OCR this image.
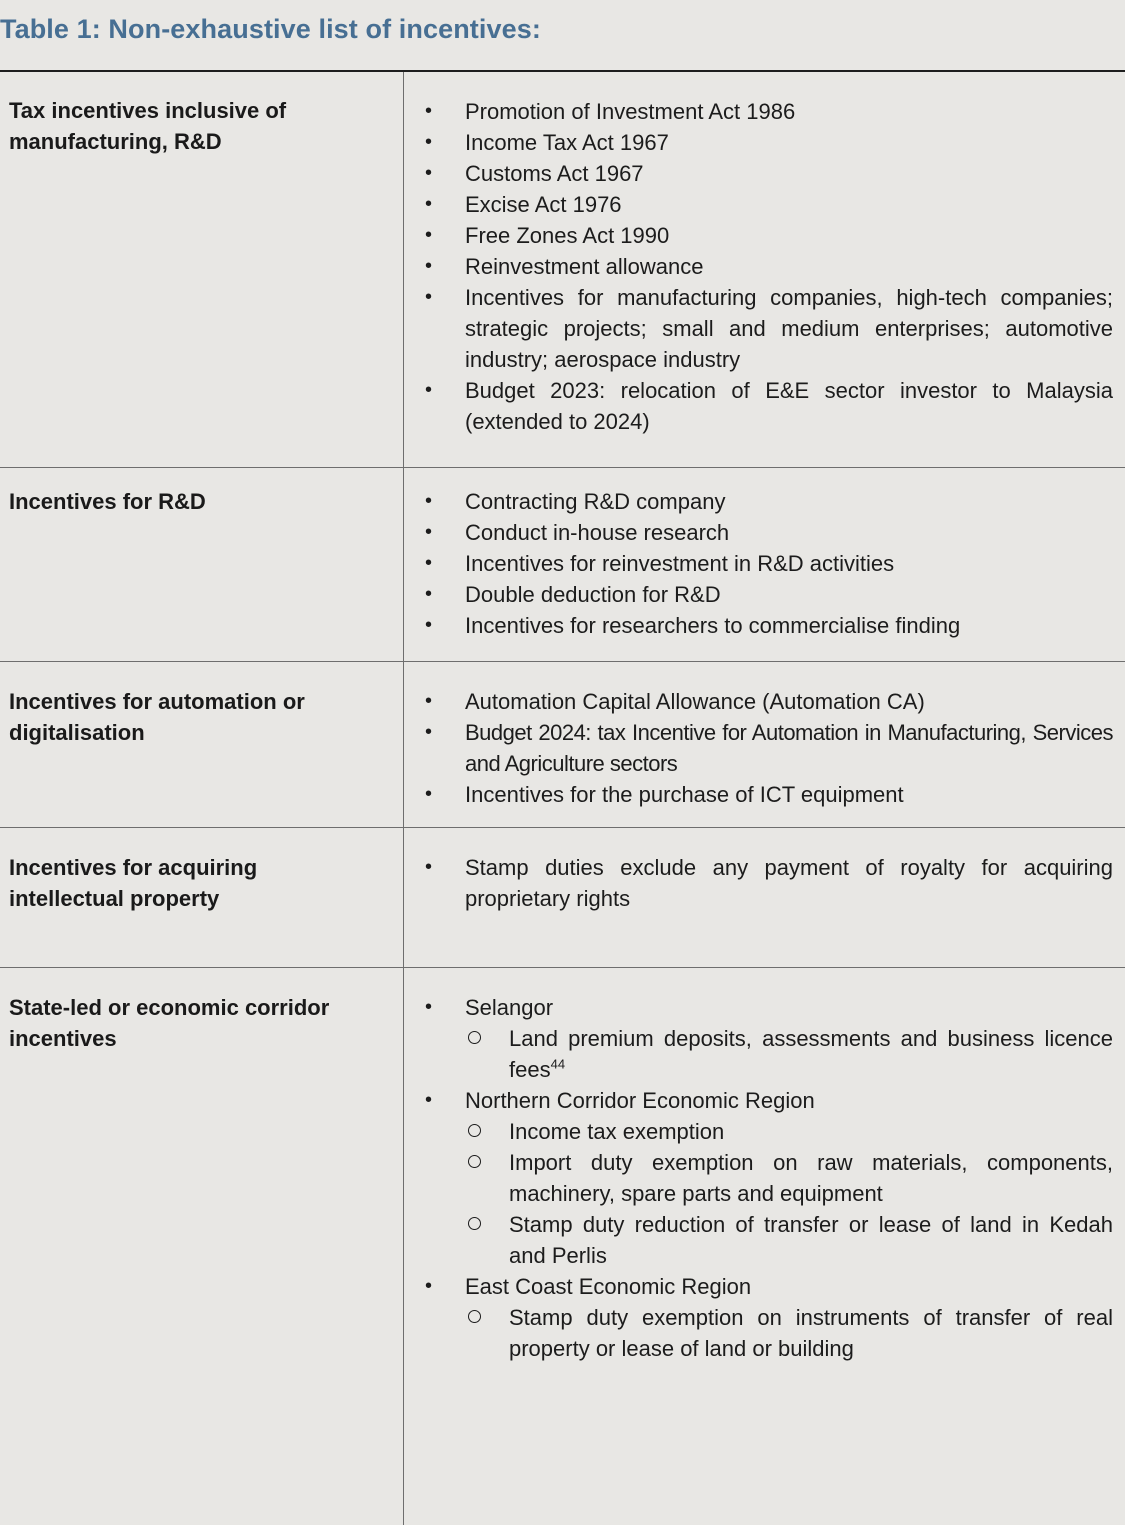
Table 1: Non-exhaustive list of incentives:

Tax incentives inclusive of manufacturing, R&D

• Promotion of Investment Act 1986
• Income Tax Act 1967
• Customs Act 1967
• Excise Act 1976
• Free Zones Act 1990
• Reinvestment allowance
• Incentives for manufacturing companies, high-tech companies; strategic projects; small and medium enterprises; automotive industry; aerospace industry
• Budget 2023: relocation of E&E sector investor to Malaysia (extended to 2024)

Incentives for R&D	• Contracting R&D company
• Conduct in-house research
• Incentives for reinvestment in R&D activities
• Double deduction for R&D
• Incentives for researchers to commercialise finding

Incentives for automation or digitalisation

• Automation Capital Allowance (Automation CA)
• Budget 2024: tax Incentive for Automation in Manufacturing, Services and Agriculture sectors
• Incentives for the purchase of ICT equipment

Incentives for acquiring intellectual property

• Stamp duties exclude any payment of royalty for acquiring proprietary rights

State-led or economic corridor incentives

• Selangor
Land premium deposits, assessments and business licence fees$^{44}$
• Northern Corridor Economic Region
Income tax exemption
Import duty exemption on raw materials, components, machinery, spare parts and equipment
Stamp duty reduction of transfer or lease of land in Kedah and Perlis
• East Coast Economic Region
Stamp duty exemption on instruments of transfer of real property or lease of land or building
